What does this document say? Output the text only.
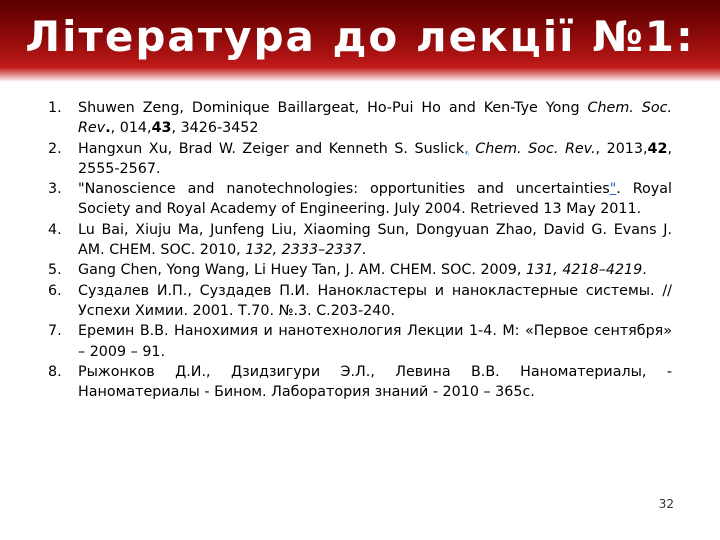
Література до лекції №1:
1. Shuwen Zeng, Dominique Baillargeat, Ho-Pui Ho and Ken-Tye Yong Chem. Soc. Rev., 014,43, 3426-3452
2. Hangxun Xu, Brad W. Zeiger and Kenneth S. Suslick, Chem. Soc. Rev., 2013,42, 2555-2567.
3. "Nanoscience and nanotechnologies: opportunities and uncertainties". Royal Society and Royal Academy of Engineering. July 2004. Retrieved 13 May 2011.
4. Lu Bai, Xiuju Ma, Junfeng Liu, Xiaoming Sun, Dongyuan Zhao, David G. Evans J. AM. CHEM. SOC. 2010, 132, 2333–2337.
5. Gang Chen, Yong Wang, Li Huey Tan, J. AM. CHEM. SOC. 2009, 131, 4218–4219.
6. Суздалев И.П., Суздадев П.И. Нанокластеры и нанокластерные системы. // Успехи Химии. 2001. Т.70. №.3. С.203-240.
7. Еремин В.В. Нанохимия и нанотехнология Лекции 1-4. М: «Первое сентября» – 2009 – 91.
8. Рыжонков Д.И., Дзидзигури Э.Л., Левина В.В. Наноматериалы, - Наноматериалы - Бином. Лаборатория знаний - 2010 – 365с.
32
